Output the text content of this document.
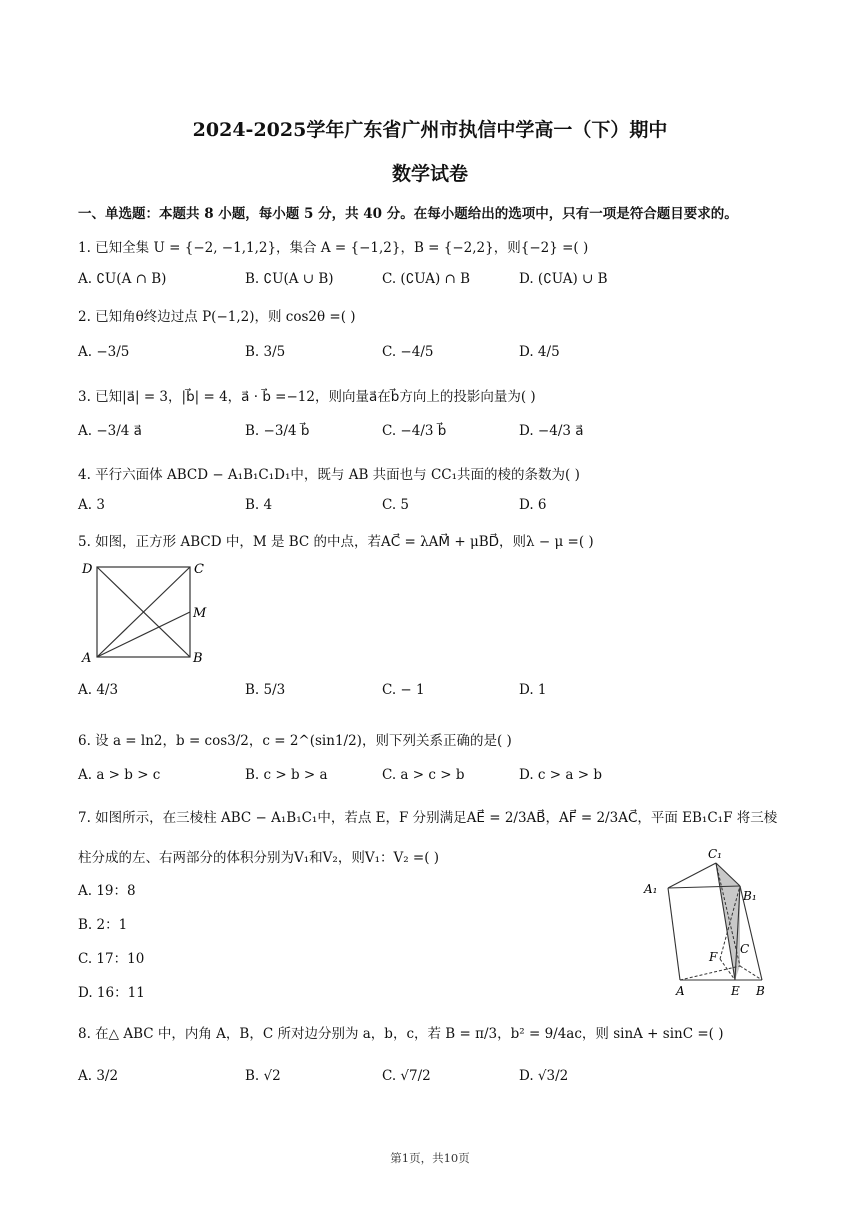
2024-2025学年广东省广州市执信中学高一（下）期中
数学试卷
一、单选题：本题共 8 小题，每小题 5 分，共 40 分。在每小题给出的选项中，只有一项是符合题目要求的。
1. 已知全集 U = {−2, −1,1,2}，集合 A = {−1,2}，B = {−2,2}，则{−2} =( )
A. ∁U(A ∩ B)	B. ∁U(A ∪ B)	C. (∁UA) ∩ B	D. (∁UA) ∪ B
2. 已知角θ终边过点 P(−1,2)，则 cos2θ =( )
A. −3/5	B. 3/5	C. −4/5	D. 4/5
3. 已知|a⃗| = 3，|b⃗| = 4，a⃗ · b⃗ =−12，则向量a⃗在b⃗方向上的投影向量为( )
A. −3/4 a⃗	B. −3/4 b⃗	C. −4/3 b⃗	D. −4/3 a⃗
4. 平行六面体 ABCD − A₁B₁C₁D₁中，既与 AB 共面也与 CC₁共面的棱的条数为( )
A. 3	B. 4	C. 5	D. 6
5. 如图，正方形 ABCD 中，M 是 BC 的中点，若AC⃗ = λAM⃗ + μBD⃗，则λ − μ =( )
D	C
M
A	B
A. 4/3	B. 5/3	C. − 1	D. 1
6. 设 a = ln2，b = cos3/2，c = 2^(sin1/2)，则下列关系正确的是( )
A. a > b > c	B. c > b > a	C. a > c > b	D. c > a > b
7. 如图所示，在三棱柱 ABC − A₁B₁C₁中，若点 E，F 分别满足AE⃗ = 2/3AB⃗，AF⃗ = 2/3AC⃗，平面 EB₁C₁F 将三棱
柱分成的左、右两部分的体积分别为V₁和V₂，则V₁：V₂ =( )
A. 19：8
B. 2：1
C. 17：10
D. 16：11
C₁
A₁	B₁
C
F
A	E B
8. 在△ ABC 中，内角 A，B，C 所对边分别为 a，b，c，若 B = π/3，b² = 9/4ac，则 sinA + sinC =( )
A. 3/2	B. √2	C. √7/2	D. √3/2
第1页，共10页
